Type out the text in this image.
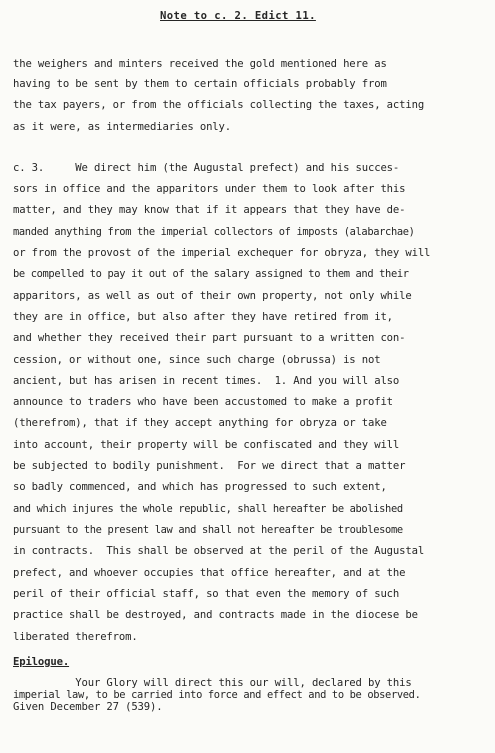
Note to c. 2. Edict 11.

the weighers and minters received the gold mentioned here as

having to be sent by them to certain officials probably from

the tax payers, or from the officials collecting the taxes, acting

as it were, as intermediaries only.

c. 3.     We direct him (the Augustal prefect) and his succes-

sors in office and the apparitors under them to look after this

matter, and they may know that if it appears that they have de-

manded anything from the imperial collectors of imposts (alabarchae)

or from the provost of the imperial exchequer for obryza, they will

be compelled to pay it out of the salary assigned to them and their

apparitors, as well as out of their own property, not only while

they are in office, but also after they have retired from it,

and whether they received their part pursuant to a written con-

cession, or without one, since such charge (obrussa) is not

ancient, but has arisen in recent times.  1. And you will also

announce to traders who have been accustomed to make a profit

(therefrom), that if they accept anything for obryza or take

into account, their property will be confiscated and they will

be subjected to bodily punishment.  For we direct that a matter

so badly commenced, and which has progressed to such extent,

and which injures the whole republic, shall hereafter be abolished

pursuant to the present law and shall not hereafter be troublesome

in contracts.  This shall be observed at the peril of the Augustal

prefect, and whoever occupies that office hereafter, and at the

peril of their official staff, so that even the memory of such

practice shall be destroyed, and contracts made in the diocese be

liberated therefrom.

Epilogue.

Your Glory will direct this our will, declared by this

imperial law, to be carried into force and effect and to be observed.

Given December 27 (539).
